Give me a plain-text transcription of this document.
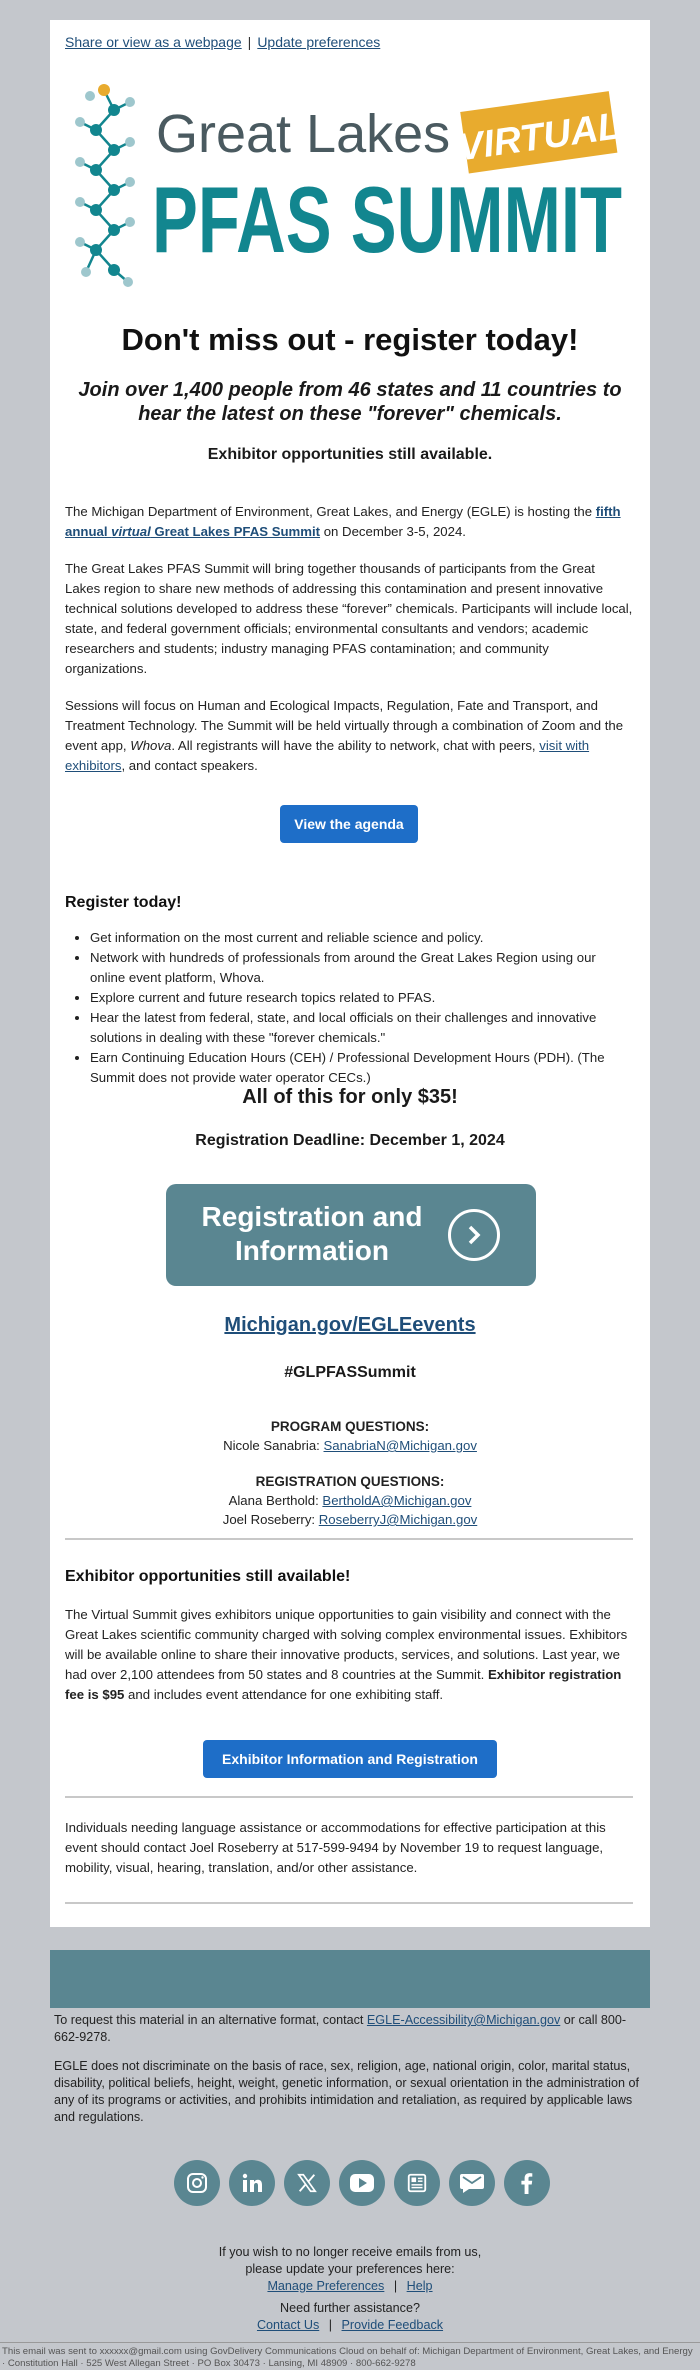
Share or view as a webpage | Update preferences
Great Lakes VIRTUAL
PFAS SUMMIT
Don't miss out - register today!
Join over 1,400 people from 46 states and 11 countries to hear the latest on these "forever" chemicals.
Exhibitor opportunities still available.

The Michigan Department of Environment, Great Lakes, and Energy (EGLE) is hosting the fifth annual virtual Great Lakes PFAS Summit on December 3-5, 2024.

The Great Lakes PFAS Summit will bring together thousands of participants from the Great Lakes region to share new methods of addressing this contamination and present innovative technical solutions developed to address these “forever” chemicals. Participants will include local, state, and federal government officials; environmental consultants and vendors; academic researchers and students; industry managing PFAS contamination; and community organizations.

Sessions will focus on Human and Ecological Impacts, Regulation, Fate and Transport, and Treatment Technology. The Summit will be held virtually through a combination of Zoom and the event app, Whova. All registrants will have the ability to network, chat with peers, visit with exhibitors, and contact speakers.

View the agenda
Register today!
• Get information on the most current and reliable science and policy.
• Network with hundreds of professionals from around the Great Lakes Region using our online event platform, Whova.
• Explore current and future research topics related to PFAS.
• Hear the latest from federal, state, and local officials on their challenges and innovative solutions in dealing with these "forever chemicals."
• Earn Continuing Education Hours (CEH) / Professional Development Hours (PDH). (The Summit does not provide water operator CECs.)
All of this for only $35!
Registration Deadline: December 1, 2024
Registration and Information
Michigan.gov/EGLEevents
#GLPFASSummit
PROGRAM QUESTIONS:
Nicole Sanabria: SanabriaN@Michigan.gov
REGISTRATION QUESTIONS:
Alana Berthold: BertholdA@Michigan.gov
Joel Roseberry: RoseberryJ@Michigan.gov
Exhibitor opportunities still available!

The Virtual Summit gives exhibitors unique opportunities to gain visibility and connect with the Great Lakes scientific community charged with solving complex environmental issues. Exhibitors will be available online to share their innovative products, services, and solutions. Last year, we had over 2,100 attendees from 50 states and 8 countries at the Summit. Exhibitor registration fee is $95 and includes event attendance for one exhibiting staff.

Exhibitor Information and Registration

Individuals needing language assistance or accommodations for effective participation at this event should contact Joel Roseberry at 517-599-9494 by November 19 to request language, mobility, visual, hearing, translation, and/or other assistance.

To request this material in an alternative format, contact EGLE-Accessibility@Michigan.gov or call 800-662-9278.

EGLE does not discriminate on the basis of race, sex, religion, age, national origin, color, marital status, disability, political beliefs, height, weight, genetic information, or sexual orientation in the administration of any of its programs or activities, and prohibits intimidation and retaliation, as required by applicable laws and regulations.

If you wish to no longer receive emails from us,
please update your preferences here:
Manage Preferences | Help
Need further assistance?
Contact Us | Provide Feedback
This email was sent to xxxxxx@gmail.com using GovDelivery Communications Cloud on behalf of: Michigan Department of Environment, Great Lakes, and Energy · Constitution Hall · 525 West Allegan Street · PO Box 30473 · Lansing, MI 48909 · 800-662-9278
